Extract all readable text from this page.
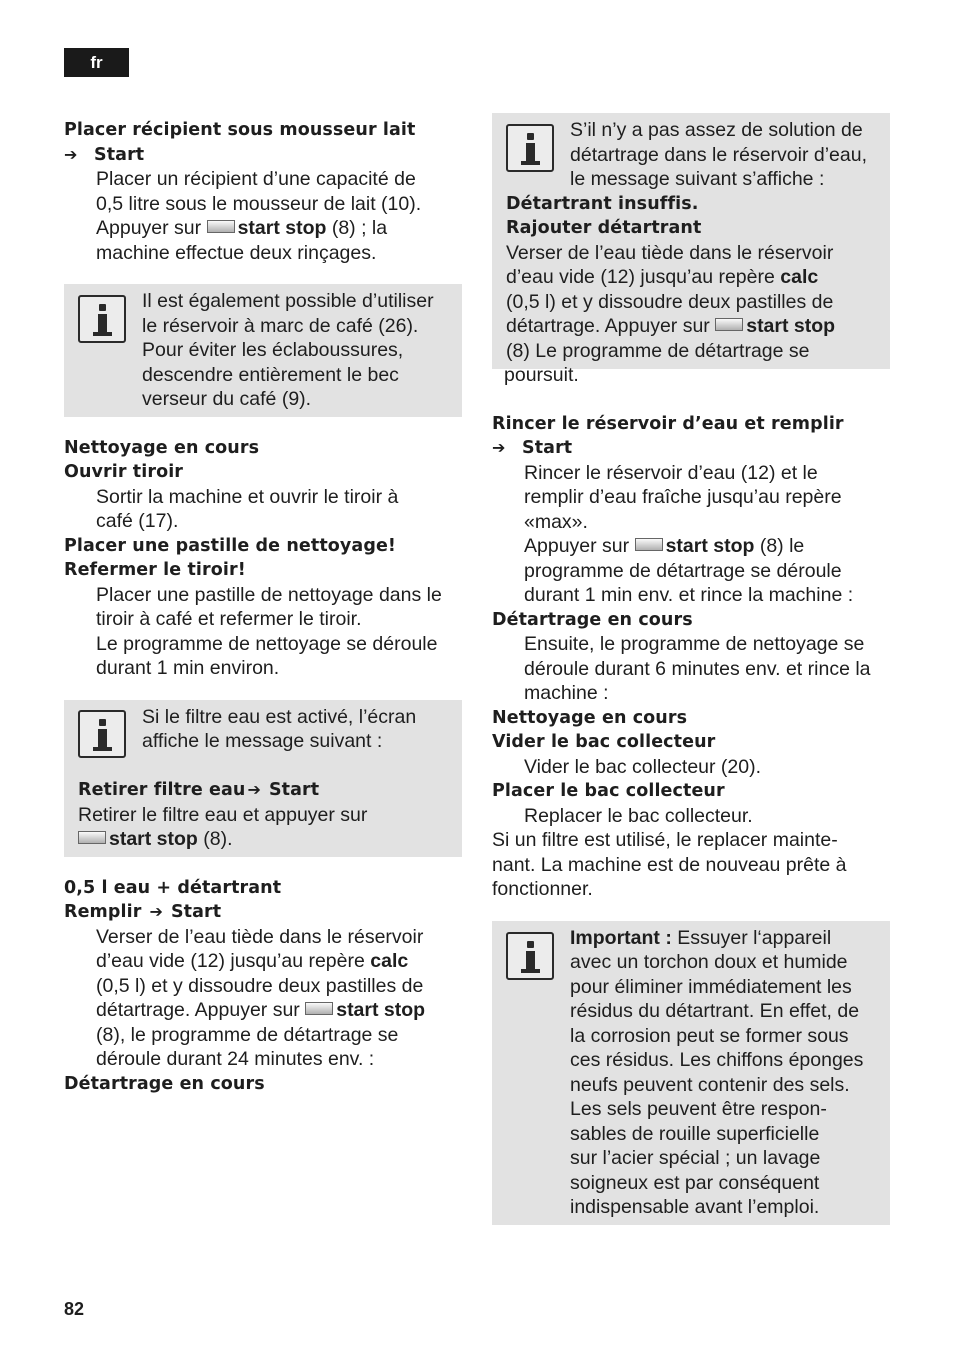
fr
Placer récipient sous mousseur lait
➔ Start
Placer un récipient d’une capacité de
0,5 litre sous le mousseur de lait (10).
Appuyer sur start stop (8) ; la
machine effectue deux rinçages.
Il est également possible d’utiliser
le réservoir à marc de café (26).
Pour éviter les éclaboussures,
descendre entièrement le bec
verseur du café (9).
Nettoyage en cours
Ouvrir tiroir
Sortir la machine et ouvrir le tiroir à
café (17).
Placer une pastille de nettoyage!
Refermer le tiroir!
Placer une pastille de nettoyage dans le
tiroir à café et refermer le tiroir.
Le programme de nettoyage se déroule
durant 1 min environ.
Si le filtre eau est activé, l’écran
affiche le message suivant :
Retirer filtre eau ➔ Start
Retirer le filtre eau et appuyer sur
start stop (8).
0,5 l eau + détartrant
Remplir ➔ Start
Verser de l’eau tiède dans le réservoir
d’eau vide (12) jusqu’au repère calc
(0,5 l) et y dissoudre deux pastilles de
détartrage. Appuyer sur start stop
(8), le programme de détartrage se
déroule durant 24 minutes env. :
Détartrage en cours
S’il n’y a pas assez de solution de
détartrage dans le réservoir d’eau,
le message suivant s’affiche :
Détartrant insuffis.
Rajouter détartrant
Verser de l’eau tiède dans le réservoir
d’eau vide (12) jusqu’au repère calc
(0,5 l) et y dissoudre deux pastilles de
détartrage. Appuyer sur start stop
(8) Le programme de détartrage se
poursuit.
Rincer le réservoir d’eau et remplir
➔ Start
Rincer le réservoir d’eau (12) et le
remplir d’eau fraîche jusqu’au repère
«max».
Appuyer sur start stop (8) le
programme de détartrage se déroule
durant 1 min env. et rince la machine :
Détartrage en cours
Ensuite, le programme de nettoyage se
déroule durant 6 minutes env. et rince la
machine :
Nettoyage en cours
Vider le bac collecteur
Vider le bac collecteur (20).
Placer le bac collecteur
Replacer le bac collecteur.
Si un filtre est utilisé, le replacer mainte-
nant. La machine est de nouveau prête à
fonctionner.
Important : Essuyer l‘appareil
avec un torchon doux et humide
pour éliminer immédiatement les
résidus du détartrant. En effet, de
la corrosion peut se former sous
ces résidus. Les chiffons éponges
neufs peuvent contenir des sels.
Les sels peuvent être respon-
sables de rouille superficielle
sur l’acier spécial ; un lavage
soigneux est par conséquent
indispensable avant l’emploi.
82
